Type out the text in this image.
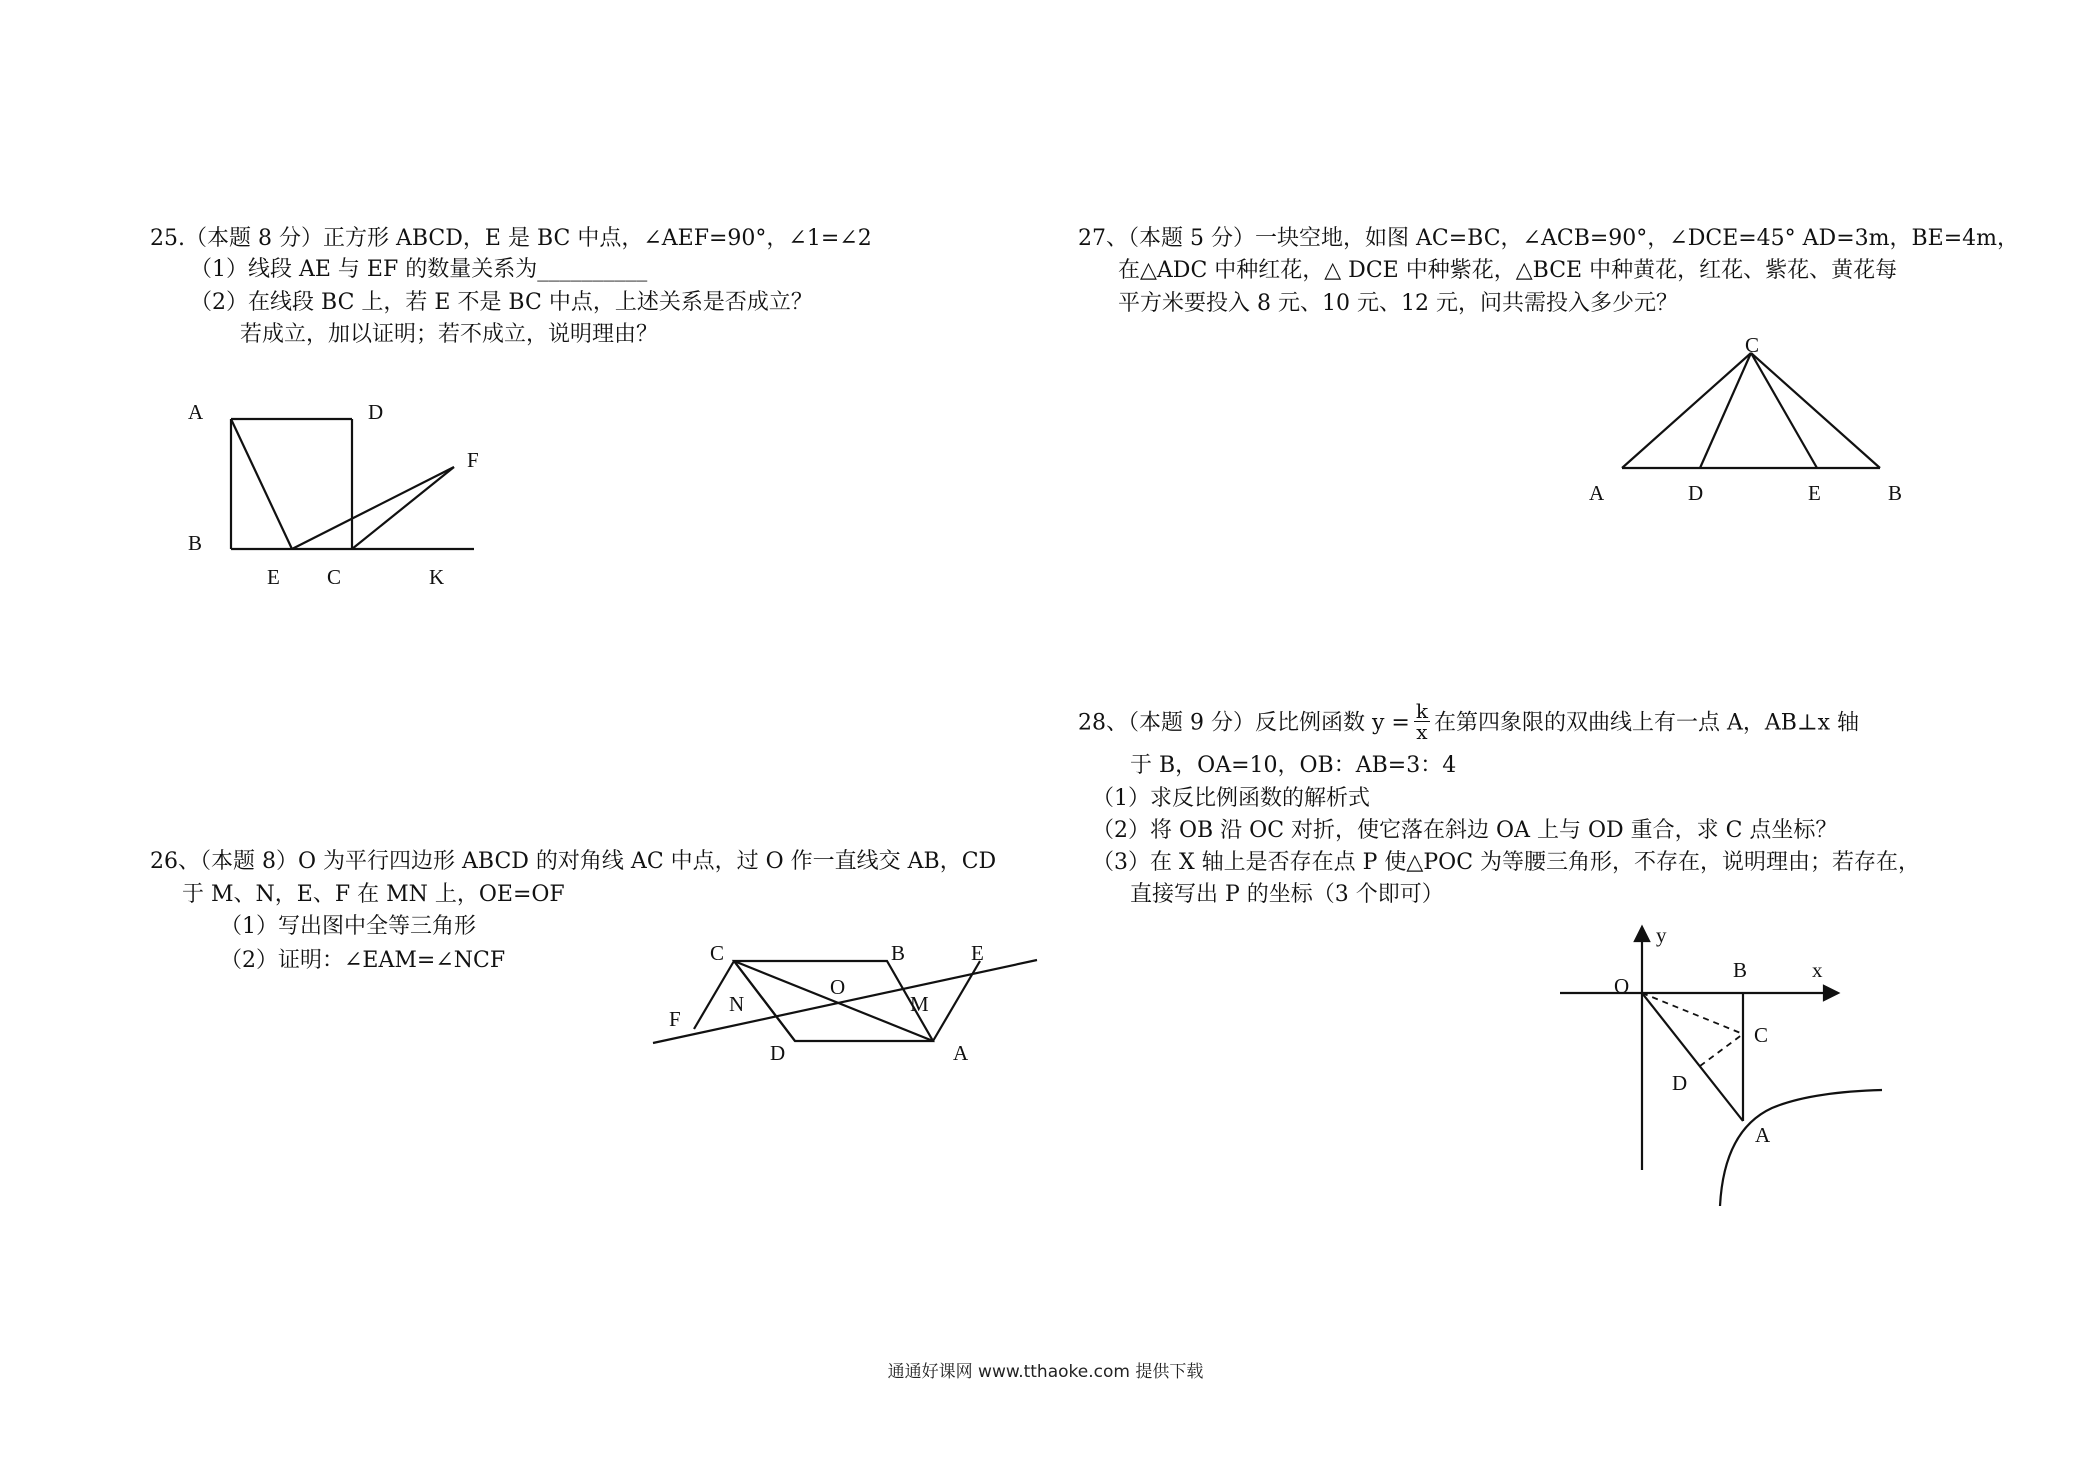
25.（本题 8 分）正方形 ABCD，E 是 BC 中点，∠AEF=90°，∠1=∠2
（1）线段 AE 与 EF 的数量关系为__________
（2）在线段 BC 上，若 E 不是 BC 中点，上述关系是否成立？
若成立，加以证明；若不成立，说明理由？
A	D
F
B
E C	K
26、（本题 8）O 为平行四边形 ABCD 的对角线 AC 中点，过 O 作一直线交 AB，CD
于 M、N，E、F 在 MN 上，OE=OF
（1）写出图中全等三角形
（2）证明：∠EAM=∠NCF	C	B	E
N
O
M
F
D	A
27、（本题 5 分）一块空地，如图 AC=BC，∠ACB=90°，∠DCE=45° AD=3m，BE=4m，
在△ADC 中种红花，△ DCE 中种紫花，△BCE 中种黄花，红花、紫花、黄花每
平方米要投入 8 元、10 元、12 元，问共需投入多少元？
C
A	D	E	B
28、（本题 9 分）反比例函数 $y = \frac{k}{x}$ 在第四象限的双曲线上有一点 A，AB⊥x 轴
于 B，OA=10，OB：AB=3：4
（1）求反比例函数的解析式
（2）将 OB 沿 OC 对折，使它落在斜边 OA 上与 OD 重合，求 C 点坐标？
（3）在 X 轴上是否存在点 P 使△POC 为等腰三角形，不存在，说明理由；若存在，
直接写出 P 的坐标（3 个即可）
y
x
O
B
C
D
A
通通好课网 www.tthaoke.com 提供下载
